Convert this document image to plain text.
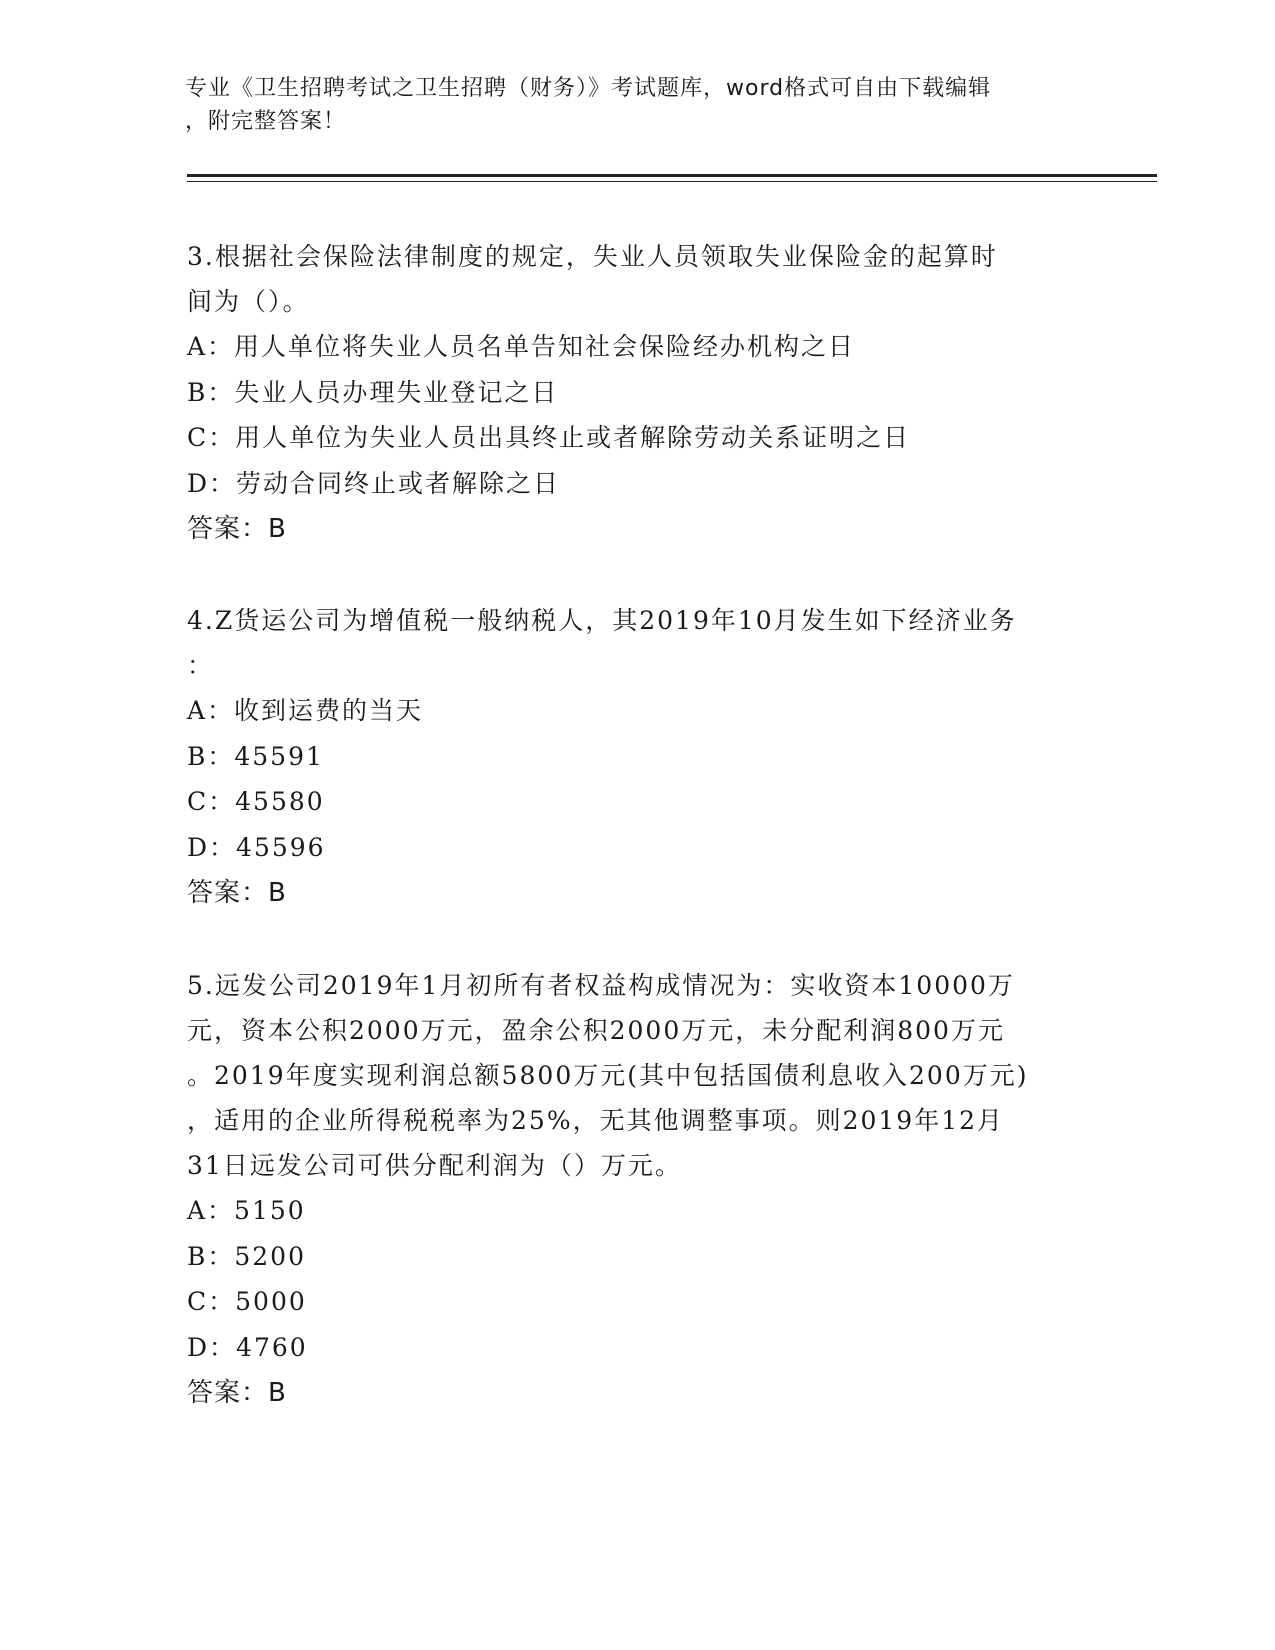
专业《卫生招聘考试之卫生招聘（财务）》考试题库，word格式可自由下载编辑
，附完整答案！

3.根据社会保险法律制度的规定，失业人员领取失业保险金的起算时

间为（）。

A：用人单位将失业人员名单告知社会保险经办机构之日

B：失业人员办理失业登记之日

C：用人单位为失业人员出具终止或者解除劳动关系证明之日

D：劳动合同终止或者解除之日

答案：B

4.Z货运公司为增值税一般纳税人，其2019年10月发生如下经济业务

：

A：收到运费的当天

B：45591

C：45580

D：45596

答案：B

5.远发公司2019年1月初所有者权益构成情况为：实收资本10000万

元，资本公积2000万元，盈余公积2000万元，未分配利润800万元

。2019年度实现利润总额5800万元(其中包括国债利息收入200万元)

，适用的企业所得税税率为25%，无其他调整事项。则2019年12月

31日远发公司可供分配利润为（）万元。

A：5150

B：5200

C：5000

D：4760

答案：B
